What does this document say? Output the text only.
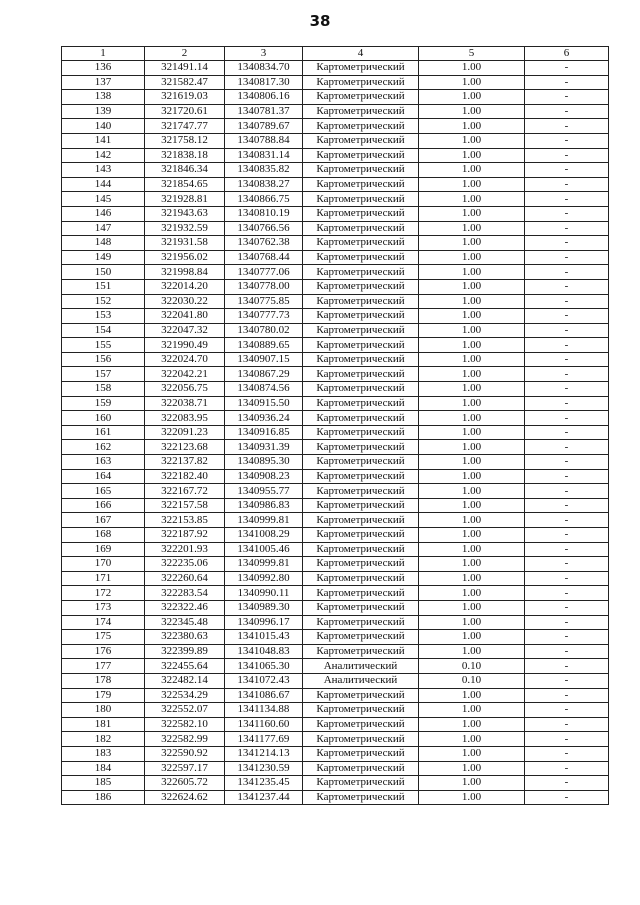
38
1	2	3	4	5	6
136	321491.14	1340834.70	Картометрический	1.00	-
137	321582.47	1340817.30	Картометрический	1.00	-
138	321619.03	1340806.16	Картометрический	1.00	-
139	321720.61	1340781.37	Картометрический	1.00	-
140	321747.77	1340789.67	Картометрический	1.00	-
141	321758.12	1340788.84	Картометрический	1.00	-
142	321838.18	1340831.14	Картометрический	1.00	-
143	321846.34	1340835.82	Картометрический	1.00	-
144	321854.65	1340838.27	Картометрический	1.00	-
145	321928.81	1340866.75	Картометрический	1.00	-
146	321943.63	1340810.19	Картометрический	1.00	-
147	321932.59	1340766.56	Картометрический	1.00	-
148	321931.58	1340762.38	Картометрический	1.00	-
149	321956.02	1340768.44	Картометрический	1.00	-
150	321998.84	1340777.06	Картометрический	1.00	-
151	322014.20	1340778.00	Картометрический	1.00	-
152	322030.22	1340775.85	Картометрический	1.00	-
153	322041.80	1340777.73	Картометрический	1.00	-
154	322047.32	1340780.02	Картометрический	1.00	-
155	321990.49	1340889.65	Картометрический	1.00	-
156	322024.70	1340907.15	Картометрический	1.00	-
157	322042.21	1340867.29	Картометрический	1.00	-
158	322056.75	1340874.56	Картометрический	1.00	-
159	322038.71	1340915.50	Картометрический	1.00	-
160	322083.95	1340936.24	Картометрический	1.00	-
161	322091.23	1340916.85	Картометрический	1.00	-
162	322123.68	1340931.39	Картометрический	1.00	-
163	322137.82	1340895.30	Картометрический	1.00	-
164	322182.40	1340908.23	Картометрический	1.00	-
165	322167.72	1340955.77	Картометрический	1.00	-
166	322157.58	1340986.83	Картометрический	1.00	-
167	322153.85	1340999.81	Картометрический	1.00	-
168	322187.92	1341008.29	Картометрический	1.00	-
169	322201.93	1341005.46	Картометрический	1.00	-
170	322235.06	1340999.81	Картометрический	1.00	-
171	322260.64	1340992.80	Картометрический	1.00	-
172	322283.54	1340990.11	Картометрический	1.00	-
173	322322.46	1340989.30	Картометрический	1.00	-
174	322345.48	1340996.17	Картометрический	1.00	-
175	322380.63	1341015.43	Картометрический	1.00	-
176	322399.89	1341048.83	Картометрический	1.00	-
177	322455.64	1341065.30	Аналитический	0.10	-
178	322482.14	1341072.43	Аналитический	0.10	-
179	322534.29	1341086.67	Картометрический	1.00	-
180	322552.07	1341134.88	Картометрический	1.00	-
181	322582.10	1341160.60	Картометрический	1.00	-
182	322582.99	1341177.69	Картометрический	1.00	-
183	322590.92	1341214.13	Картометрический	1.00	-
184	322597.17	1341230.59	Картометрический	1.00	-
185	322605.72	1341235.45	Картометрический	1.00	-
186	322624.62	1341237.44	Картометрический	1.00	-
